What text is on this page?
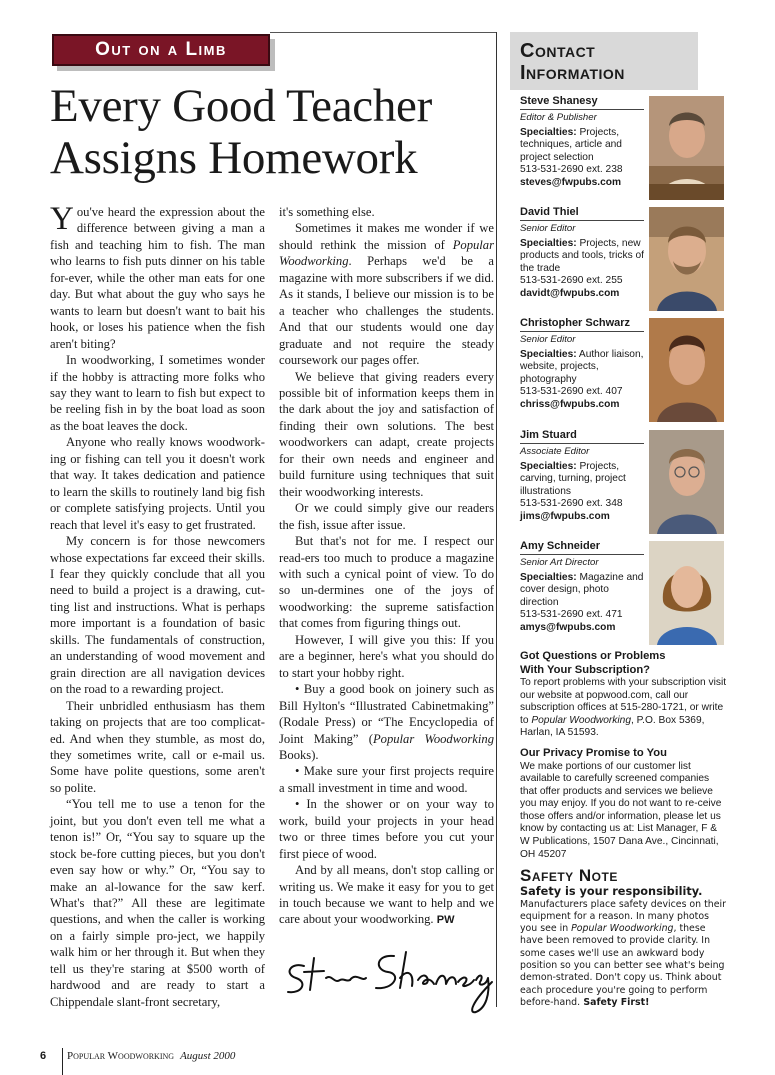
Out on a Limb
Every Good Teacher
Assigns Homework

You've heard the expression about the difference between giving a man a fish and teaching him to fish. The man who learns to fish puts dinner on his table for-ever, while the other man eats for one day. But what about the guy who says he wants to learn but doesn't want to bait his hook, or loses his patience when the fish aren't biting?

In woodworking, I sometimes wonder if the hobby is attracting more folks who say they want to learn to fish but expect to be reeling fish in by the boat load as soon as the boat leaves the dock.

Anyone who really knows woodwork-ing or fishing can tell you it doesn't work that way. It takes dedication and patience to learn the skills to routinely land big fish or complete satisfying projects. Until you reach that level it's easy to get frustrated.

My concern is for those newcomers whose expectations far exceed their skills. I fear they quickly conclude that all you need to build a project is a drawing, cut-ting list and instructions. What is perhaps more important is a foundation of basic skills. The fundamentals of construction, an understanding of wood movement and grain direction are all navigation devices on the road to a rewarding project.

Their unbridled enthusiasm has them taking on projects that are too complicat-ed. And when they stumble, as most do, they sometimes write, call or e-mail us. Some have polite questions, some aren't so polite.

“You tell me to use a tenon for the joint, but you don't even tell me what a tenon is!” Or, “You say to square up the stock be-fore cutting pieces, but you don't even say how or why.” Or, “You say to make an al-lowance for the saw kerf. What's that?” All these are legitimate questions, and when the caller is working on a fairly simple pro-ject, we happily walk him or her through it. But when they tell us they're staring at $500 worth of hardwood and are ready to start a Chippendale slant-front secretary,

it's something else.

Sometimes it makes me wonder if we should rethink the mission of Popular Woodworking. Perhaps we'd be a magazine with more subscribers if we did. As it stands, I believe our mission is to be a teacher who challenges the students. And that our students would one day graduate and not require the steady coursework our pages offer.

We believe that giving readers every possible bit of information keeps them in the dark about the joy and satisfaction of finding their own solutions. The best woodworkers can adapt, create projects for their own needs and engineer and build furniture using techniques that suit their woodworking interests.

Or we could simply give our readers the fish, issue after issue.

But that's not for me. I respect our read-ers too much to produce a magazine with such a cynical point of view. To do so un-dermines one of the joys of woodworking: the supreme satisfaction that comes from figuring things out.

However, I will give you this: If you are a beginner, here's what you should do to start your hobby right.

• Buy a good book on joinery such as Bill Hylton's “Illustrated Cabinetmaking” (Rodale Press) or “The Encyclopedia of Joint Making” (Popular Woodworking Books).

• Make sure your first projects require a small investment in time and wood.

• In the shower or on your way to work, build your projects in your head two or three times before you cut your first piece of wood.

And by all means, don't stop calling or writing us. We make it easy for you to get in touch because we want to help and we care about your woodworking. PW

Contact
Information
Steve Shanesy
Editor & Publisher
Specialties: Projects, techniques, article and project selection
513-531-2690 ext. 238
steves@fwpubs.com
David Thiel
Senior Editor
Specialties: Projects, new products and tools, tricks of the trade
513-531-2690 ext. 255
davidt@fwpubs.com
Christopher Schwarz
Senior Editor
Specialties: Author liaison, website, projects, photography
513-531-2690 ext. 407
chriss@fwpubs.com
Jim Stuard
Associate Editor
Specialties: Projects, carving, turning, project illustrations
513-531-2690 ext. 348
jims@fwpubs.com
Amy Schneider
Senior Art Director
Specialties: Magazine and cover design, photo direction
513-531-2690 ext. 471
amys@fwpubs.com
Got Questions or Problems
With Your Subscription?
To report problems with your subscription visit our website at popwood.com, call our subscription offices at 515-280-1721, or write to Popular Woodworking, P.O. Box 5369, Harlan, IA 51593.
Our Privacy Promise to You
We make portions of our customer list available to carefully screened companies that offer products and services we believe you may enjoy. If you do not want to re-ceive those offers and/or information, please let us know by contacting us at: List Manager, F & W Publications, 1507 Dana Ave., Cincinnati, OH 45207
Safety Note
Safety is your responsibility.
Manufacturers place safety devices on their equipment for a reason. In many photos you see in Popular Woodworking, these have been removed to provide clarity. In some cases we'll use an awkward body position so you can better see what's being demon-strated. Don't copy us. Think about each procedure you're going to perform before-hand. Safety First!
6	Popular Woodworking August 2000
